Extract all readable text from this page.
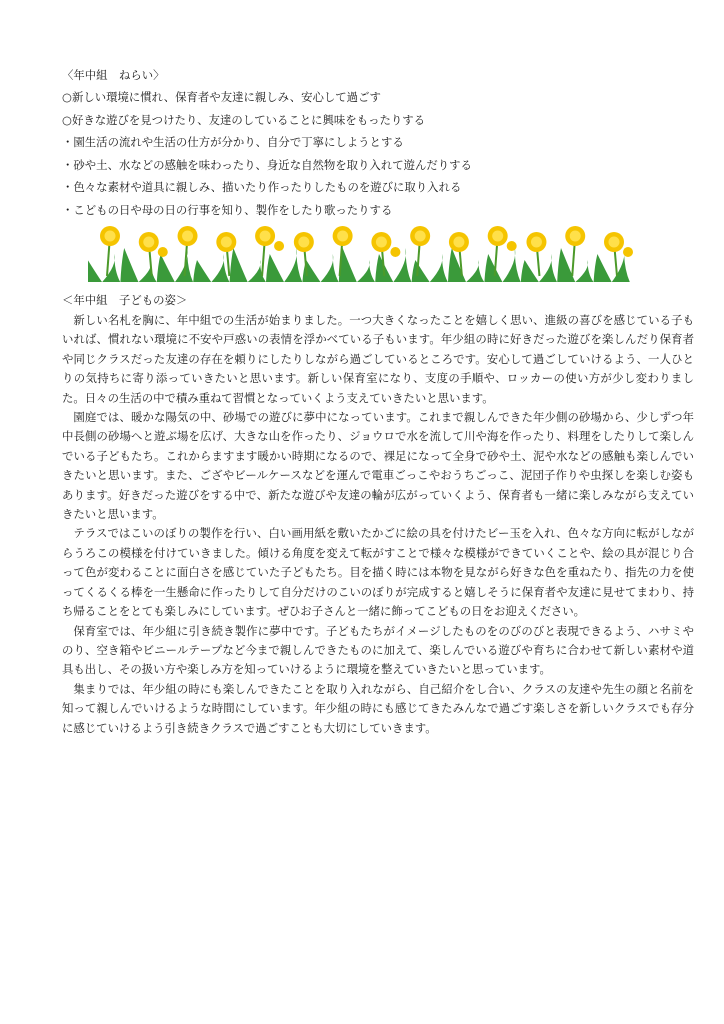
〈年中組　ねらい〉
○新しい環境に慣れ、保育者や友達に親しみ、安心して過ごす
○好きな遊びを見つけたり、友達のしていることに興味をもったりする
・園生活の流れや生活の仕方が分かり、自分で丁寧にしようとする
・砂や土、水などの感触を味わったり、身近な自然物を取り入れて遊んだりする
・色々な素材や道具に親しみ、描いたり作ったりしたものを遊びに取り入れる
・こどもの日や母の日の行事を知り、製作をしたり歌ったりする
＜年中組　子どもの姿＞

新しい名札を胸に、年中組での生活が始まりました。一つ大きくなったことを嬉しく思い、進級の喜びを感じている子もいれば、慣れない環境に不安や戸惑いの表情を浮かべている子もいます。年少組の時に好きだった遊びを楽しんだり保育者や同じクラスだった友達の存在を頼りにしたりしながら過ごしているところです。安心して過ごしていけるよう、一人ひとりの気持ちに寄り添っていきたいと思います。新しい保育室になり、支度の手順や、ロッカーの使い方が少し変わりました。日々の生活の中で積み重ねて習慣となっていくよう支えていきたいと思います。

園庭では、暖かな陽気の中、砂場での遊びに夢中になっています。これまで親しんできた年少側の砂場から、少しずつ年中長側の砂場へと遊ぶ場を広げ、大きな山を作ったり、ジョウロで水を流して川や海を作ったり、料理をしたりして楽しんでいる子どもたち。これからますます暖かい時期になるので、裸足になって全身で砂や土、泥や水などの感触も楽しんでいきたいと思います。また、ござやビールケースなどを運んで電車ごっこやおうちごっこ、泥団子作りや虫探しを楽しむ姿もあります。好きだった遊びをする中で、新たな遊びや友達の輪が広がっていくよう、保育者も一緒に楽しみながら支えていきたいと思います。

テラスではこいのぼりの製作を行い、白い画用紙を敷いたかごに絵の具を付けたビー玉を入れ、色々な方向に転がしながらうろこの模様を付けていきました。傾ける角度を変えて転がすことで様々な模様ができていくことや、絵の具が混じり合って色が変わることに面白さを感じていた子どもたち。目を描く時には本物を見ながら好きな色を重ねたり、指先の力を使ってくるくる棒を一生懸命に作ったりして自分だけのこいのぼりが完成すると嬉しそうに保育者や友達に見せてまわり、持ち帰ることをとても楽しみにしています。ぜひお子さんと一緒に飾ってこどもの日をお迎えください。

保育室では、年少組に引き続き製作に夢中です。子どもたちがイメージしたものをのびのびと表現できるよう、ハサミやのり、空き箱やビニールテープなど今まで親しんできたものに加えて、楽しんでいる遊びや育ちに合わせて新しい素材や道具も出し、その扱い方や楽しみ方を知っていけるように環境を整えていきたいと思っています。

集まりでは、年少組の時にも楽しんできたことを取り入れながら、自己紹介をし合い、クラスの友達や先生の顔と名前を知って親しんでいけるような時間にしています。年少組の時にも感じてきたみんなで過ごす楽しさを新しいクラスでも存分に感じていけるよう引き続きクラスで過ごすことも大切にしていきます。
